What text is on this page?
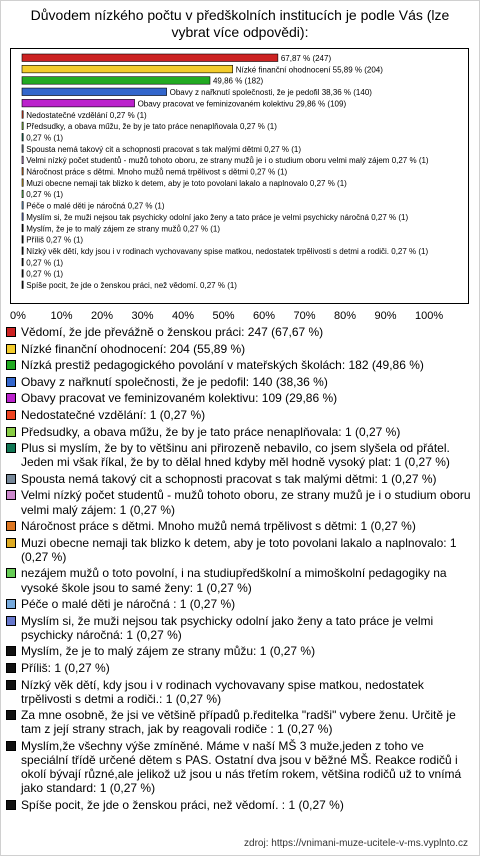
Důvodem nízkého počtu v předškolních institucích je podle Vás (lze vybrat více odpovědi):
67,87 % (247)
Nízké finanční ohodnocení 55,89 % (204)
49,86 % (182)
Obavy z nařknutí společnosti, že je pedofil 38,36 % (140)
Obavy pracovat ve feminizovaném kolektivu 29,86 % (109)
Nedostatečné vzdělání 0,27 % (1)
Předsudky, a obava műžu, že by je tato práce nenaplňovala 0,27 % (1)
0,27 % (1)
Spousta nemá takový cit a schopnosti pracovat s tak malými dětmi 0,27 % (1)
Velmi nízký počet studentů - mužů tohoto oboru, ze strany mužů je i o studium oboru velmi malý zájem 0,27 % (1)
Náročnost práce s dětmi. Mnoho mužů nemá trpělivost s dětmi 0,27 % (1)
Muzi obecne nemaji tak blizko k detem, aby je toto povolani lakalo a naplnovalo 0,27 % (1)
0,27 % (1)
Péče o malé děti je náročná 0,27 % (1)
Myslím si, že muži nejsou tak psychicky odolní jako ženy a tato práce je velmi psychicky náročná 0,27 % (1)
Myslím, že je to malý zájem ze strany mužů 0,27 % (1)
Příliš 0,27 % (1)
Nízký věk dětí, kdy jsou i v rodinach vychovavany spise matkou, nedostatek trpělivosti s detmi a rodiči. 0,27 % (1)
0,27 % (1)
0,27 % (1)
Spíše pocit, že jde o ženskou práci, než vědomí. 0,27 % (1)
0% 10% 20% 30% 40% 50% 60% 70% 80% 90% 100%
Vědomí, že jde převážně o ženskou práci: 247 (67,67 %)
Nízké finanční ohodnocení: 204 (55,89 %)
Nízká prestiž pedagogického povolání v mateřských školách: 182 (49,86 %)
Obavy z nařknutí společnosti, že je pedofil: 140 (38,36 %)
Obavy pracovat ve feminizovaném kolektivu: 109 (29,86 %)
Nedostatečné vzdělání: 1 (0,27 %)
Předsudky, a obava műžu, že by je tato práce nenaplňovala: 1 (0,27 %)
Plus si myslím, že by to většinu ani přirozeně nebavilo, co jsem slyšela od přátel. Jeden mi však říkal, že by to dělal hned kdyby měl hodně vysoký plat: 1 (0,27 %)
Spousta nemá takový cit a schopnosti pracovat s tak malými dětmi: 1 (0,27 %)
Velmi nízký počet studentů - mužů tohoto oboru, ze strany mužů je i o studium oboru velmi malý zájem: 1 (0,27 %)
Náročnost práce s dětmi. Mnoho mužů nemá trpělivost s dětmi: 1 (0,27 %)
Muzi obecne nemaji tak blizko k detem, aby je toto povolani lakalo a naplnovalo: 1 (0,27 %)
nezájem mužů o toto povolní, i na studiupředškolní a mimoškolní pedagogiky na vysoké škole jsou to samé ženy: 1 (0,27 %)
Péče o malé děti je náročná : 1 (0,27 %)
Myslím si, že muži nejsou tak psychicky odolní jako ženy a tato práce je velmi psychicky náročná: 1 (0,27 %)
Myslím, že je to malý zájem ze strany můžu: 1 (0,27 %)
Příliš: 1 (0,27 %)
Nízký věk dětí, kdy jsou i v rodinach vychovavany spise matkou, nedostatek trpělivosti s detmi a rodiči.: 1 (0,27 %)
Za mne osobně, že jsi ve většině případů p.ředitelka "radši" vybere ženu. Určitě je tam z její strany strach, jak by reagovali rodiče : 1 (0,27 %)
Myslím,že všechny výše zmíněné. Máme v naší MŠ 3 muže,jeden z toho ve speciální třídě určené dětem s PAS. Ostatní dva jsou v běžné MŠ. Reakce rodičů i okolí bývají různé,ale jelikož už jsou u nás třetím rokem, většina rodičů už to vnímá jako standard: 1 (0,27 %)
Spíše pocit, že jde o ženskou práci, než vědomí. : 1 (0,27 %)
zdroj: https://vnimani-muze-ucitele-v-ms.vyplnto.cz
